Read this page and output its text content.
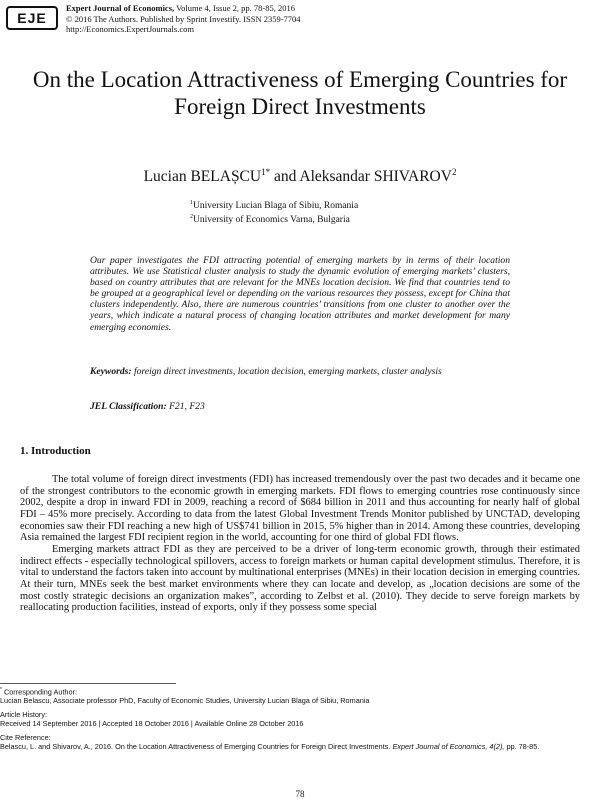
EJE
Expert Journal of Economics, Volume 4, Issue 2, pp. 78-85, 2016
© 2016 The Authors. Published by Sprint Investify. ISSN 2359-7704
http://Economics.ExpertJournals.com
On the Location Attractiveness of Emerging Countries for Foreign Direct Investments
Lucian $BELAȘCU^{1*}$ and Aleksandar SHIVAROV$^2$
$^1$University Lucian Blaga of Sibiu, Romania
$^2$University of Economics Varna, Bulgaria
Our paper investigates the FDI attracting potential of emerging markets by in terms of their location attributes. We use Statistical cluster analysis to study the dynamic evolution of emerging markets’ clusters, based on country attributes that are relevant for the MNEs location decision. We find that countries tend to be grouped at a geographical level or depending on the various resources they possess, except for China that clusters independently. Also, there are numerous countries’ transitions from one cluster to another over the years, which indicate a natural process of changing location attributes and market development for many emerging economies.
Keywords: foreign direct investments, location decision, emerging markets, cluster analysis
JEL Classification: F21, F23
1. Introduction

The total volume of foreign direct investments (FDI) has increased tremendously over the past two decades and it became one of the strongest contributors to the economic growth in emerging markets. FDI flows to emerging countries rose continuously since 2002, despite a drop in inward FDI in 2009, reaching a record of $684 billion in 2011 and thus accounting for nearly half of global FDI – 45% more precisely. According to data from the latest Global Investment Trends Monitor published by UNCTAD, developing economies saw their FDI reaching a new high of US$741 billion in 2015, 5% higher than in 2014. Among these countries, developing Asia remained the largest FDI recipient region in the world, accounting for one third of global FDI flows.

Emerging markets attract FDI as they are perceived to be a driver of long-term economic growth, through their estimated indirect effects - especially technological spillovers, access to foreign markets or human capital development stimulus. Therefore, it is vital to understand the factors taken into account by multinational enterprises (MNEs) in their location decision in emerging countries. At their turn, MNEs seek the best market environments where they can locate and develop, as „location decisions are some of the most costly strategic decisions an organization makes”, according to Zelbst et al. (2010). They decide to serve foreign markets by reallocating production facilities, instead of exports, only if they possess some special

* Corresponding Author:
Lucian Belascu, Associate professor PhD, Faculty of Economic Studies, University Lucian Blaga of Sibiu, Romania
Article History:
Received 14 September 2016 | Accepted 18 October 2016 | Available Online 28 October 2016
Cite Reference:
Belascu, L. and Shivarov, A., 2016. On the Location Attractiveness of Emerging Countries for Foreign Direct Investments. Expert Journal of Economics, 4(2), pp. 78-85.
78
